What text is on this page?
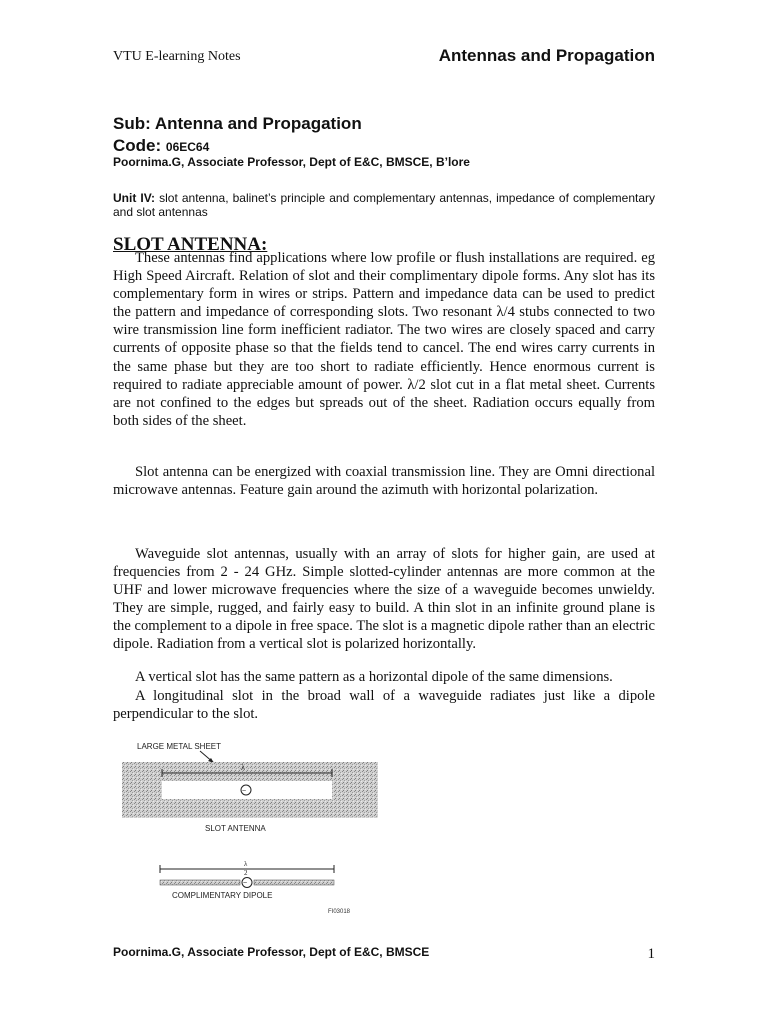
VTU E-learning Notes	Antennas and Propagation
Sub: Antenna and Propagation
Code: 06EC64
Poornima.G, Associate Professor, Dept of E&C, BMSCE, B’lore
Unit IV: slot antenna, balinet’s principle and complementary antennas, impedance of complementary and slot antennas
SLOT ANTENNA:

These antennas find applications where low profile or flush installations are required. eg High Speed Aircraft. Relation of slot and their complimentary dipole forms. Any slot has its complementary form in wires or strips. Pattern and impedance data can be used to predict the pattern and impedance of corresponding slots. Two resonant λ/4 stubs connected to two wire transmission line form inefficient radiator. The two wires are closely spaced and carry currents of opposite phase so that the fields tend to cancel. The end wires carry currents in the same phase but they are too short to radiate efficiently. Hence enormous current is required to radiate appreciable amount of power. λ/2 slot cut in a flat metal sheet. Currents are not confined to the edges but spreads out of the sheet. Radiation occurs equally from both sides of the sheet.

Slot antenna can be energized with coaxial transmission line. They are Omni directional microwave antennas. Feature gain around the azimuth with horizontal polarization.

Waveguide slot antennas, usually with an array of slots for higher gain, are used at frequencies from 2 - 24 GHz. Simple slotted-cylinder antennas are more common at the UHF and lower microwave frequencies where the size of a waveguide becomes unwieldy. They are simple, rugged, and fairly easy to build. A thin slot in an infinite ground plane is the complement to a dipole in free space. The slot is a magnetic dipole rather than an electric dipole. Radiation from a vertical slot is polarized horizontally.

A vertical slot has the same pattern as a horizontal dipole of the same dimensions.

A longitudinal slot in the broad wall of a waveguide radiates just like a dipole perpendicular to the slot.

LARGE METAL SHEET
λ
~
SLOT ANTENNA
λ
2
~
COMPLIMENTARY DIPOLE
FI03018
Poornima.G, Associate Professor, Dept of E&C, BMSCE	1
